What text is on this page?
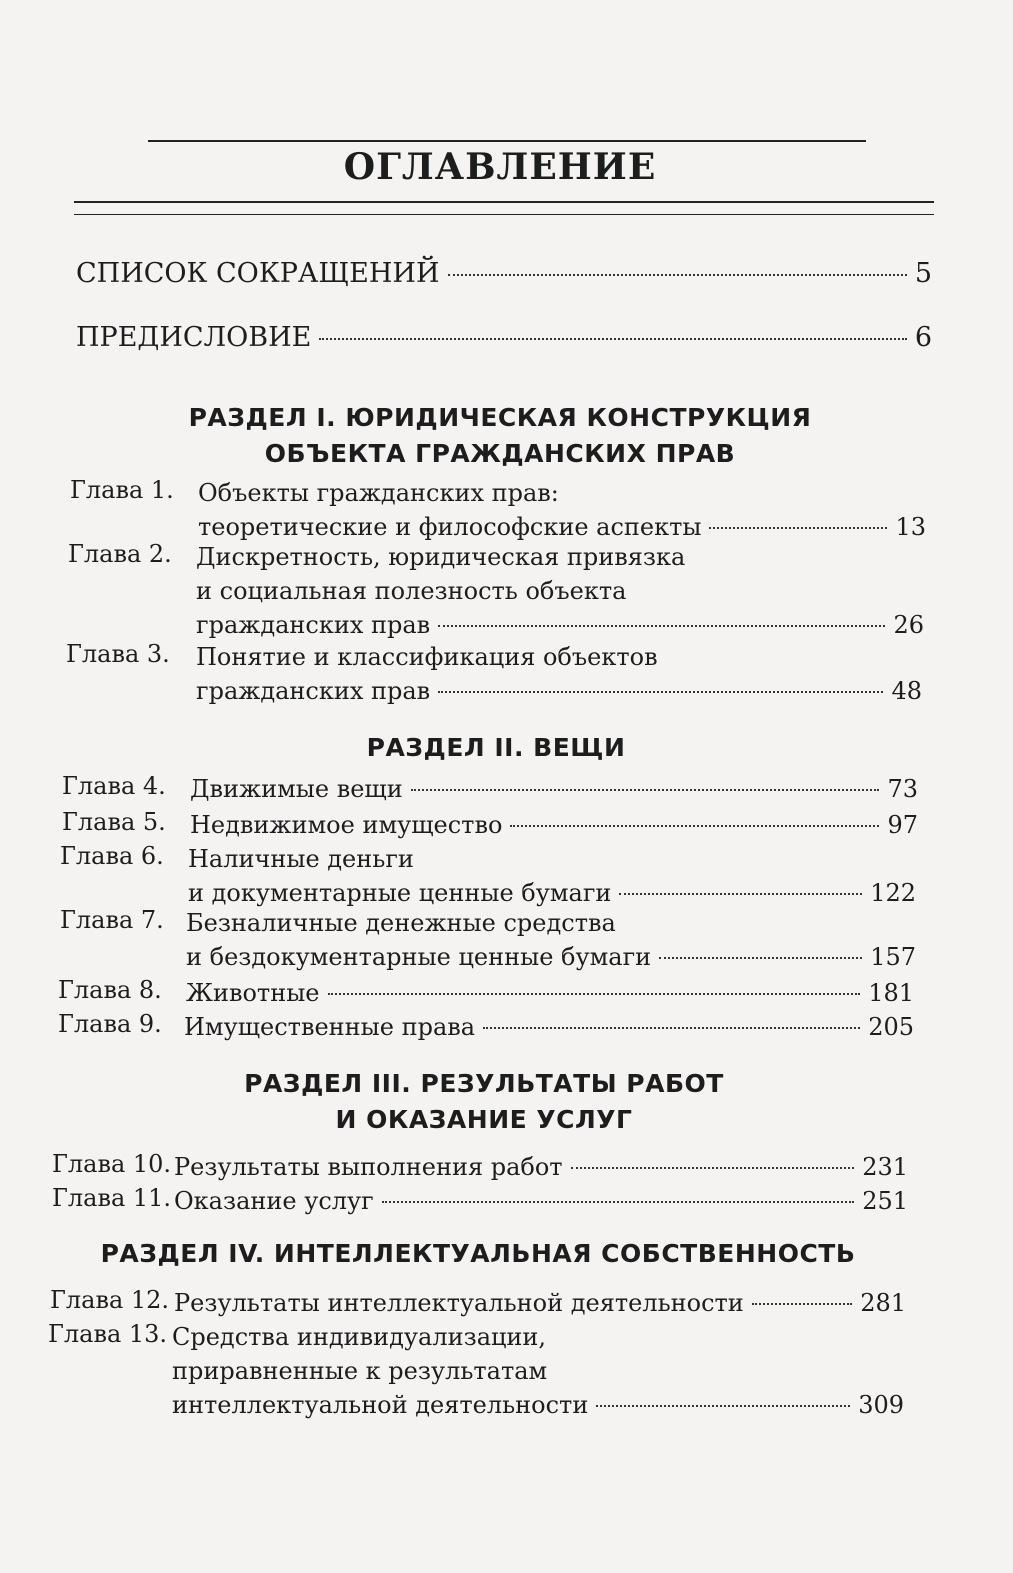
ОГЛАВЛЕНИЕ
СПИСОК СОКРАЩЕНИЙ	5
ПРЕДИСЛОВИЕ	6
РАЗДЕЛ I. ЮРИДИЧЕСКАЯ КОНСТРУКЦИЯ
ОБЪЕКТА ГРАЖДАНСКИХ ПРАВ
Глава 1. Объекты гражданских прав:
теоретические и философские аспекты	13
Глава 2. Дискретность, юридическая привязка
и социальная полезность объекта
гражданских прав	26
Глава 3. Понятие и классификация объектов
гражданских прав	48
РАЗДЕЛ II. ВЕЩИ
Глава 4. Движимые вещи	73
Глава 5. Недвижимое имущество	97
Глава 6. Наличные деньги
и документарные ценные бумаги	122
Глава 7. Безналичные денежные средства
и бездокументарные ценные бумаги	157
Глава 8. Животные	181
Глава 9. Имущественные права	205
РАЗДЕЛ III. РЕЗУЛЬТАТЫ РАБОТ
И ОКАЗАНИЕ УСЛУГ
Глава 10. Результаты выполнения работ	231
Глава 11. Оказание услуг	251
РАЗДЕЛ IV. ИНТЕЛЛЕКТУАЛЬНАЯ СОБСТВЕННОСТЬ
Глава 12. Результаты интеллектуальной деятельности	281
Глава 13. Средства индивидуализации,
приравненные к результатам
интеллектуальной деятельности	309
